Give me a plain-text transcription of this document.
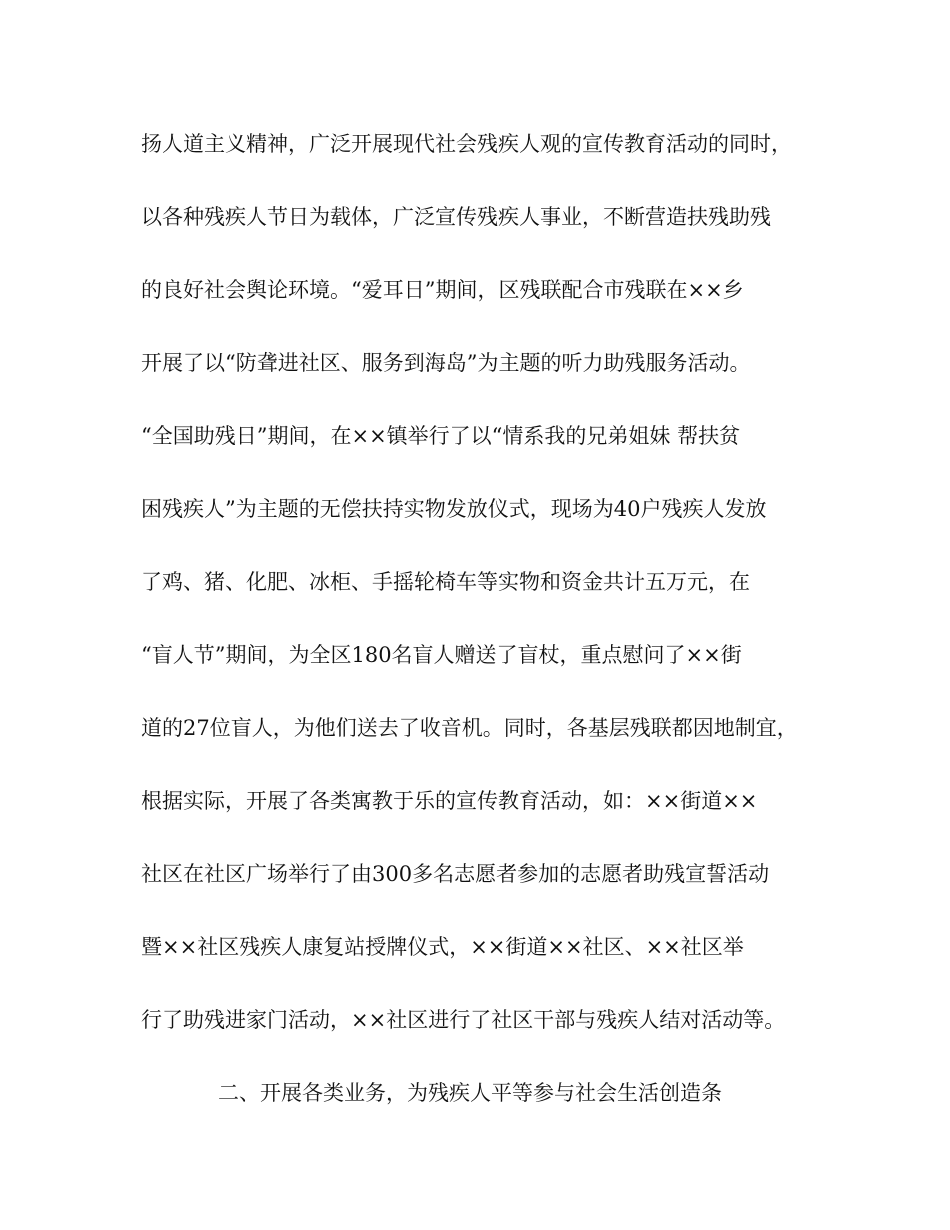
扬人道主义精神，广泛开展现代社会残疾人观的宣传教育活动的同时，

以各种残疾人节日为载体，广泛宣传残疾人事业，不断营造扶残助残

的良好社会舆论环境。“爱耳日”期间，区残联配合市残联在××乡

开展了以“防聋进社区、服务到海岛”为主题的听力助残服务活动。

“全国助残日”期间，在××镇举行了以“情系我的兄弟姐妹 帮扶贫

困残疾人”为主题的无偿扶持实物发放仪式，现场为40户残疾人发放

了鸡、猪、化肥、冰柜、手摇轮椅车等实物和资金共计五万元，在

“盲人节”期间，为全区180名盲人赠送了盲杖，重点慰问了××街

道的27位盲人，为他们送去了收音机。同时，各基层残联都因地制宜，

根据实际，开展了各类寓教于乐的宣传教育活动，如：××街道××

社区在社区广场举行了由300多名志愿者参加的志愿者助残宣誓活动

暨××社区残疾人康复站授牌仪式，××街道××社区、××社区举

行了助残进家门活动，××社区进行了社区干部与残疾人结对活动等。

二、开展各类业务，为残疾人平等参与社会生活创造条
